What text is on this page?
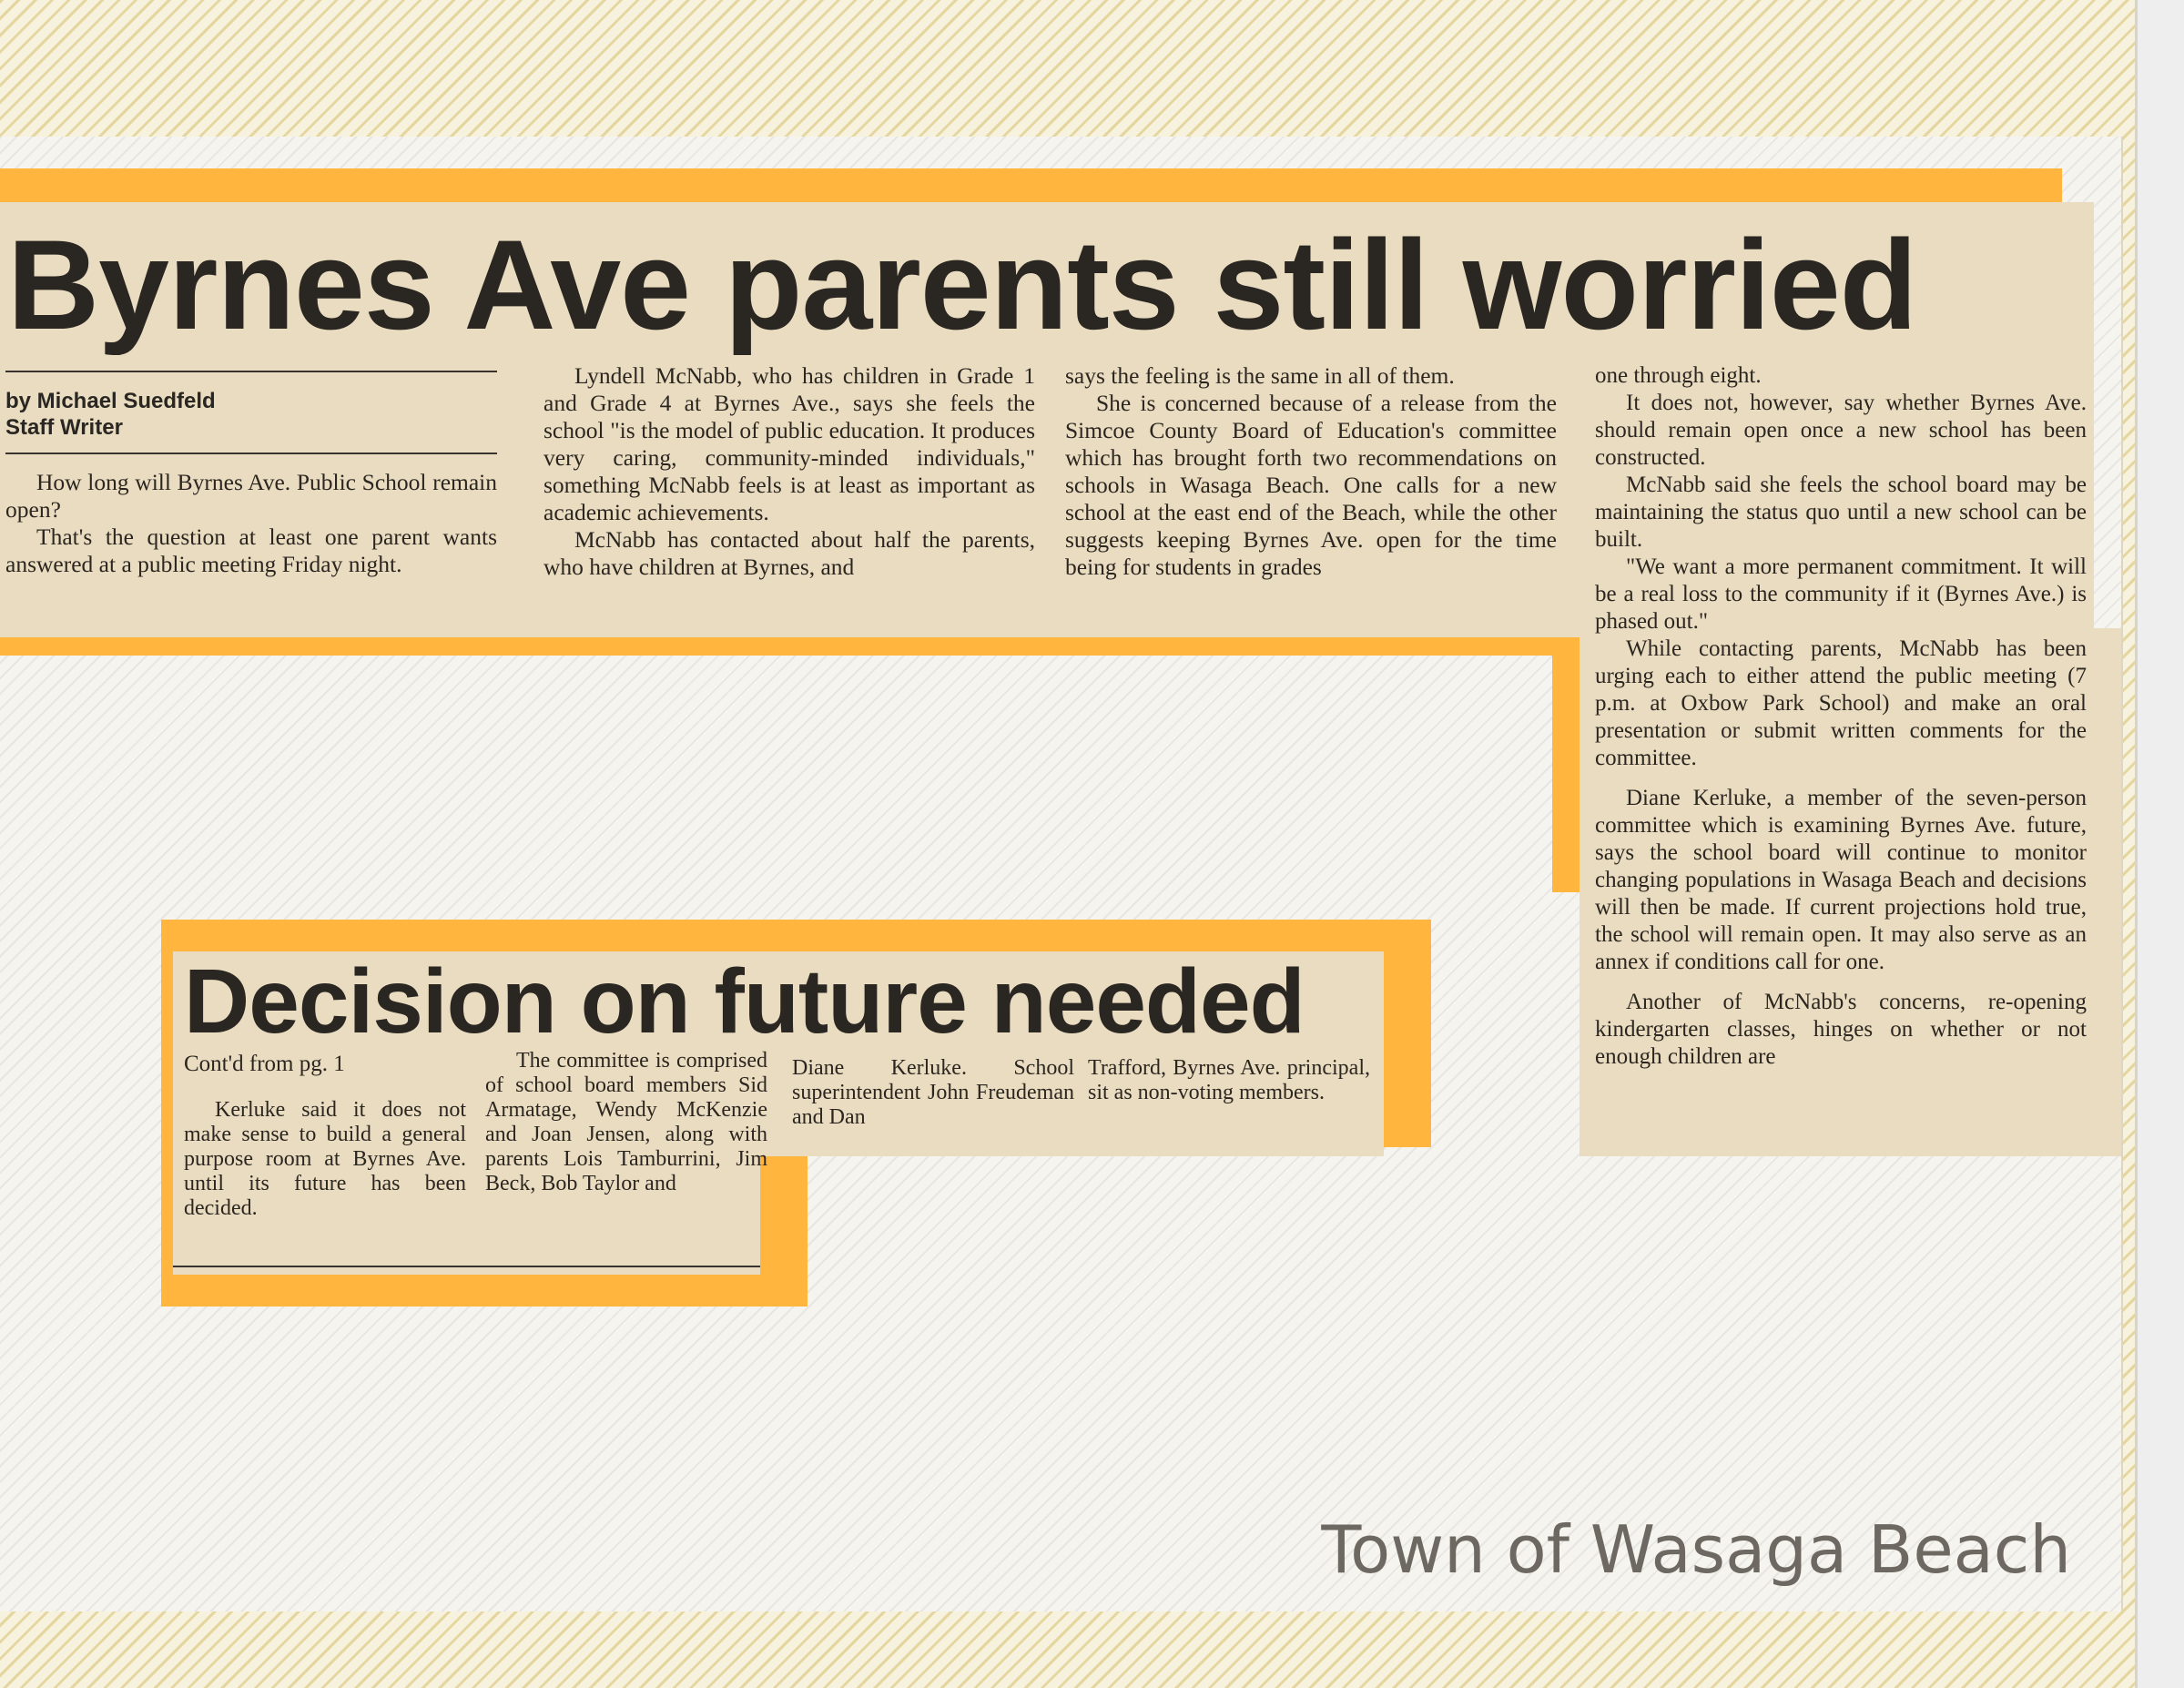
Byrnes Ave parents still worried
by Michael Suedfeld
Staff Writer

How long will Byrnes Ave. Public School remain open?

That's the question at least one parent wants answered at a public meeting Friday night.

Lyndell McNabb, who has children in Grade 1 and Grade 4 at Byrnes Ave., says she feels the school "is the model of public education. It produces very caring, community-minded individuals," something McNabb feels is at least as important as academic achievements.

McNabb has contacted about half the parents, who have children at Byrnes, and

says the feeling is the same in all of them.

She is concerned because of a release from the Simcoe County Board of Education's committee which has brought forth two recommendations on schools in Wasaga Beach. One calls for a new school at the east end of the Beach, while the other suggests keeping Byrnes Ave. open for the time being for students in grades

one through eight.

It does not, however, say whether Byrnes Ave. should remain open once a new school has been constructed.

McNabb said she feels the school board may be maintaining the status quo until a new school can be built.

"We want a more permanent commitment. It will be a real loss to the community if it (Byrnes Ave.) is phased out."

While contacting parents, McNabb has been urging each to either attend the public meeting (7 p.m. at Oxbow Park School) and make an oral presentation or submit written comments for the committee.

Diane Kerluke, a member of the seven-person committee which is examining Byrnes Ave. future, says the school board will continue to monitor changing populations in Wasaga Beach and decisions will then be made. If current projections hold true, the school will remain open. It may also serve as an annex if conditions call for one.

Another of McNabb's concerns, re-opening kindergarten classes, hinges on whether or not enough children are

Decision on future needed
Cont'd from pg. 1

Kerluke said it does not make sense to build a general purpose room at Byrnes Ave. until its future has been decided.

The committee is comprised of school board members Sid Armatage, Wendy McKenzie and Joan Jensen, along with parents Lois Tamburrini, Jim Beck, Bob Taylor and

Diane Kerluke. School superintendent John Freudeman and Dan

Trafford, Byrnes Ave. principal, sit as non-voting members.

Town of Wasaga Beach
